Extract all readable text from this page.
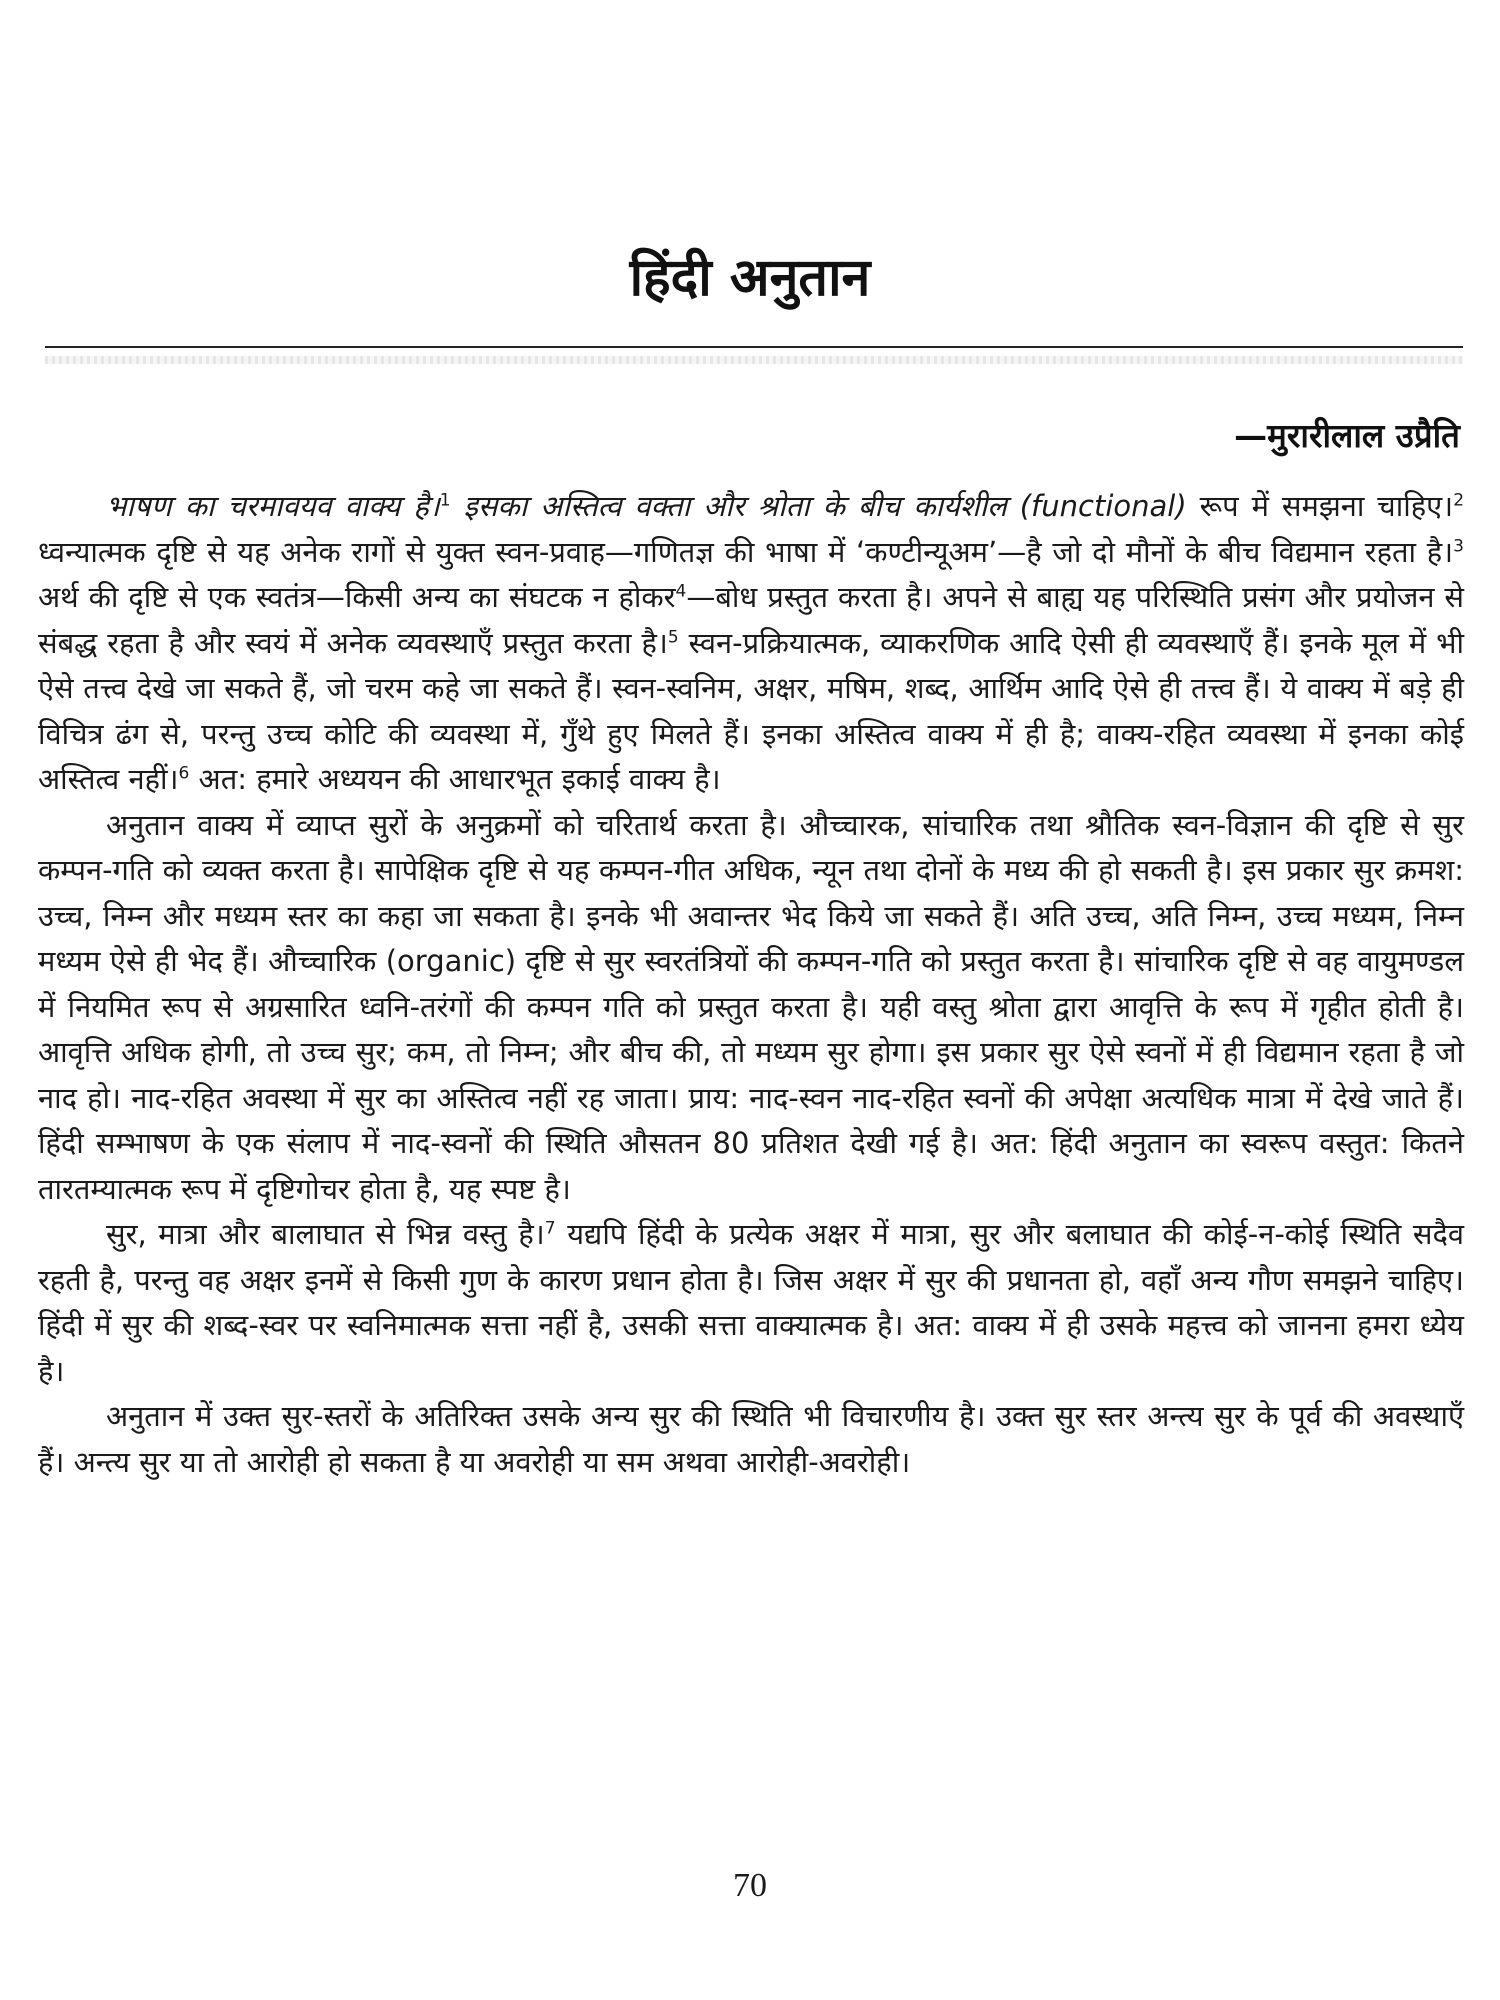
हिंदी अनुतान
—मुरारीलाल उप्रैति

भाषण का चरमावयव वाक्य है।$^1$ इसका अस्तित्व वक्ता और श्रोता के बीच कार्यशील (functional) रूप में समझना चाहिए।$^2$ ध्वन्यात्मक दृष्टि से यह अनेक रागों से युक्त स्वन-प्रवाह—गणितज्ञ की भाषा में ‘कण्टीन्यूअम’—है जो दो मौनों के बीच विद्यमान रहता है।$^3$ अर्थ की दृष्टि से एक स्वतंत्र—किसी अन्य का संघटक न होकर$^4$—बोध प्रस्तुत करता है। अपने से बाह्य यह परिस्थिति प्रसंग और प्रयोजन से संबद्ध रहता है और स्वयं में अनेक व्यवस्थाएँ प्रस्तुत करता है।$^5$ स्वन-प्रक्रियात्मक, व्याकरणिक आदि ऐसी ही व्यवस्थाएँ हैं। इनके मूल में भी ऐसे तत्त्व देखे जा सकते हैं, जो चरम कहे जा सकते हैं। स्वन-स्वनिम, अक्षर, मषिम, शब्द, आर्थिम आदि ऐसे ही तत्त्व हैं। ये वाक्य में बड़े ही विचित्र ढंग से, परन्तु उच्च कोटि की व्यवस्था में, गुँथे हुए मिलते हैं। इनका अस्तित्व वाक्य में ही है; वाक्य-रहित व्यवस्था में इनका कोई अस्तित्व नहीं।$^6$ अत: हमारे अध्ययन की आधारभूत इकाई वाक्य है।

अनुतान वाक्य में व्याप्त सुरों के अनुक्रमों को चरितार्थ करता है। औच्चारक, सांचारिक तथा श्रौतिक स्वन-विज्ञान की दृष्टि से सुर कम्पन-गति को व्यक्त करता है। सापेक्षिक दृष्टि से यह कम्पन-गीत अधिक, न्यून तथा दोनों के मध्य की हो सकती है। इस प्रकार सुर क्रमश: उच्च, निम्न और मध्यम स्तर का कहा जा सकता है। इनके भी अवान्तर भेद किये जा सकते हैं। अति उच्च, अति निम्न, उच्च मध्यम, निम्न मध्यम ऐसे ही भेद हैं। औच्चारिक (organic) दृष्टि से सुर स्वरतंत्रियों की कम्पन-गति को प्रस्तुत करता है। सांचारिक दृष्टि से वह वायुमण्डल में नियमित रूप से अग्रसारित ध्वनि-तरंगों की कम्पन गति को प्रस्तुत करता है। यही वस्तु श्रोता द्वारा आवृत्ति के रूप में गृहीत होती है। आवृत्ति अधिक होगी, तो उच्च सुर; कम, तो निम्न; और बीच की, तो मध्यम सुर होगा। इस प्रकार सुर ऐसे स्वनों में ही विद्यमान रहता है जो नाद हो। नाद-रहित अवस्था में सुर का अस्तित्व नहीं रह जाता। प्राय: नाद-स्वन नाद-रहित स्वनों की अपेक्षा अत्यधिक मात्रा में देखे जाते हैं। हिंदी सम्भाषण के एक संलाप में नाद-स्वनों की स्थिति औसतन 80 प्रतिशत देखी गई है। अत: हिंदी अनुतान का स्वरूप वस्तुत: कितने तारतम्यात्मक रूप में दृष्टिगोचर होता है, यह स्पष्ट है।

सुर, मात्रा और बालाघात से भिन्न वस्तु है।$^7$ यद्यपि हिंदी के प्रत्येक अक्षर में मात्रा, सुर और बलाघात की कोई-न-कोई स्थिति सदैव रहती है, परन्तु वह अक्षर इनमें से किसी गुण के कारण प्रधान होता है। जिस अक्षर में सुर की प्रधानता हो, वहाँ अन्य गौण समझने चाहिए। हिंदी में सुर की शब्द-स्वर पर स्वनिमात्मक सत्ता नहीं है, उसकी सत्ता वाक्यात्मक है। अत: वाक्य में ही उसके महत्त्व को जानना हमरा ध्येय है।

अनुतान में उक्त सुर-स्तरों के अतिरिक्त उसके अन्य सुर की स्थिति भी विचारणीय है। उक्त सुर स्तर अन्त्य सुर के पूर्व की अवस्थाएँ हैं। अन्त्य सुर या तो आरोही हो सकता है या अवरोही या सम अथवा आरोही-अवरोही।

70
